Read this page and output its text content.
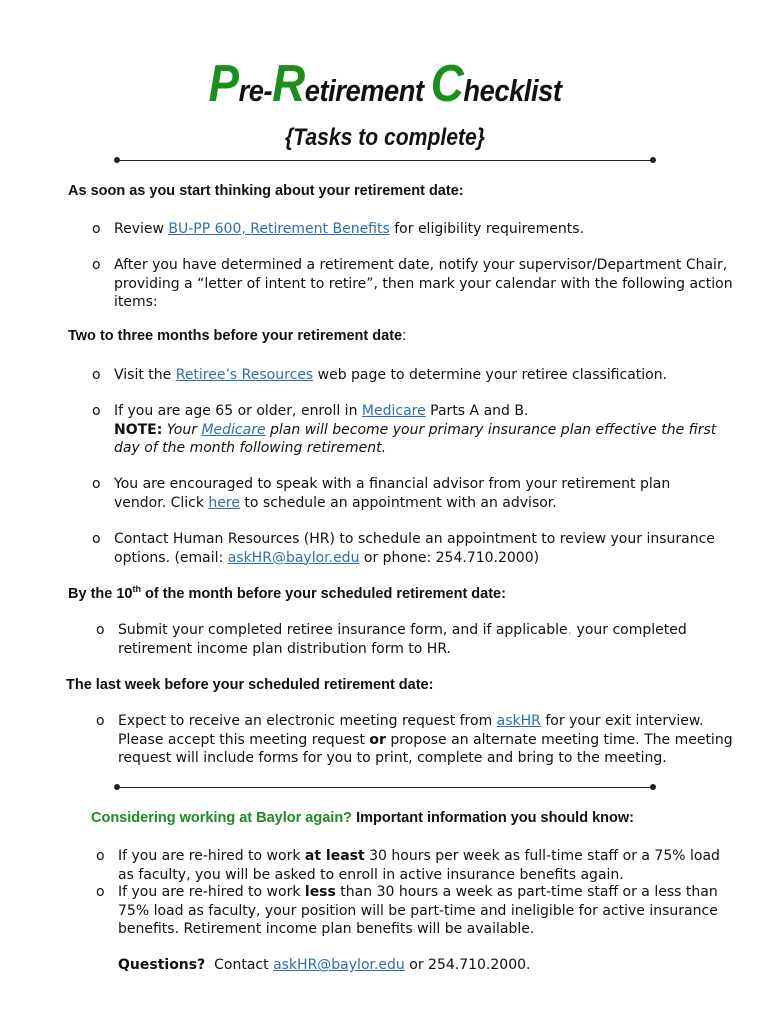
Pre-Retirement Checklist
{Tasks to complete}
As soon as you start thinking about your retirement date:
o Review BU-PP 600, Retirement Benefits for eligibility requirements.
o After you have determined a retirement date, notify your supervisor/Department Chair, providing a “letter of intent to retire”, then mark your calendar with the following action items:
Two to three months before your retirement date:
o Visit the Retiree’s Resources web page to determine your retiree classification.
o If you are age 65 or older, enroll in Medicare Parts A and B.
NOTE: Your Medicare plan will become your primary insurance plan effective the first day of the month following retirement.
o You are encouraged to speak with a financial advisor from your retirement plan vendor. Click here to schedule an appointment with an advisor.
o Contact Human Resources (HR) to schedule an appointment to review your insurance options. (email: askHR@baylor.edu or phone: 254.710.2000)
By the 10th of the month before your scheduled retirement date:
o Submit your completed retiree insurance form, and if applicable, your completed retirement income plan distribution form to HR.
The last week before your scheduled retirement date:
o Expect to receive an electronic meeting request from askHR for your exit interview. Please accept this meeting request or propose an alternate meeting time. The meeting request will include forms for you to print, complete and bring to the meeting.
Considering working at Baylor again? Important information you should know:
o If you are re-hired to work at least 30 hours per week as full-time staff or a 75% load as faculty, you will be asked to enroll in active insurance benefits again.
o If you are re-hired to work less than 30 hours a week as part-time staff or a less than 75% load as faculty, your position will be part-time and ineligible for active insurance benefits. Retirement income plan benefits will be available.
Questions?  Contact askHR@baylor.edu or 254.710.2000.
